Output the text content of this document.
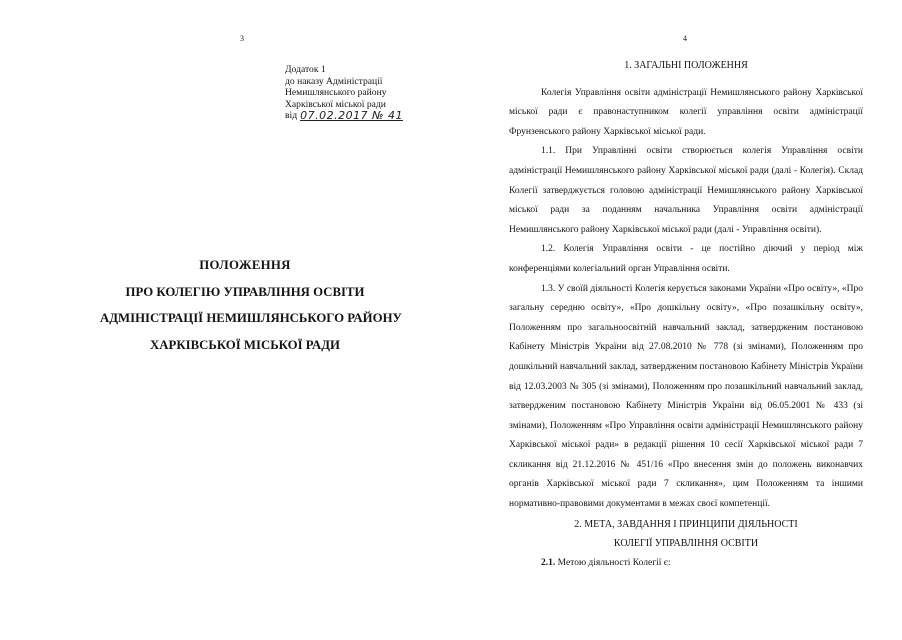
3
Додаток 1
до наказу Адміністрації
Немишлянського району
Харківської міської ради
від 07.02.2017 № 41
ПОЛОЖЕННЯ
ПРО КОЛЕГІЮ УПРАВЛІННЯ ОСВІТИ
АДМІНІСТРАЦІЇ НЕМИШЛЯНСЬКОГО РАЙОНУ
ХАРКІВСЬКОЇ МІСЬКОЇ РАДИ
4
1. ЗАГАЛЬНІ ПОЛОЖЕННЯ

Колегія Управління освіти адміністрації Немишлянського району Харківської міської ради є правонаступником колегії управління освіти адміністрації Фрунзенського району Харківської міської ради.

1.1. При Управлінні освіти створюється колегія Управління освіти адміністрації Немишлянського району Харківської міської ради (далі - Колегія). Склад Колегії затверджується головою адміністрації Немишлянського району Харківської міської ради за поданням начальника Управління освіти адміністрації Немишлянського району Харківської міської ради (далі - Управління освіти).

1.2. Колегія Управління освіти - це постійно діючий у період між конференціями колегіальний орган Управління освіти.

1.3. У своїй діяльності Колегія керується законами України «Про освіту», «Про загальну середню освіту», «Про дошкільну освіту», «Про позашкільну освіту», Положенням про загальноосвітній навчальний заклад, затвердженим постановою Кабінету Міністрів України від 27.08.2010 № 778 (зі змінами), Положенням про дошкільний навчальний заклад, затвердженим постановою Кабінету Міністрів України від 12.03.2003 № 305 (зі змінами), Положенням про позашкільний навчальний заклад, затвердженим постановою Кабінету Міністрів України від 06.05.2001 № 433 (зі змінами), Положенням «Про Управління освіти адміністрації Немишлянського району Харківської міської ради» в редакції рішення 10 сесії Харківської міської ради 7 скликання від 21.12.2016 № 451/16 «Про внесення змін до положень виконавчих органів Харківської міської ради 7 скликання», цим Положенням та іншими нормативно-правовими документами в межах своєї компетенції.

2. МЕТА, ЗАВДАННЯ І ПРИНЦИПИ ДІЯЛЬНОСТІ
КОЛЕГІЇ УПРАВЛІННЯ ОСВІТИ

2.1. Метою діяльності Колегії є:
